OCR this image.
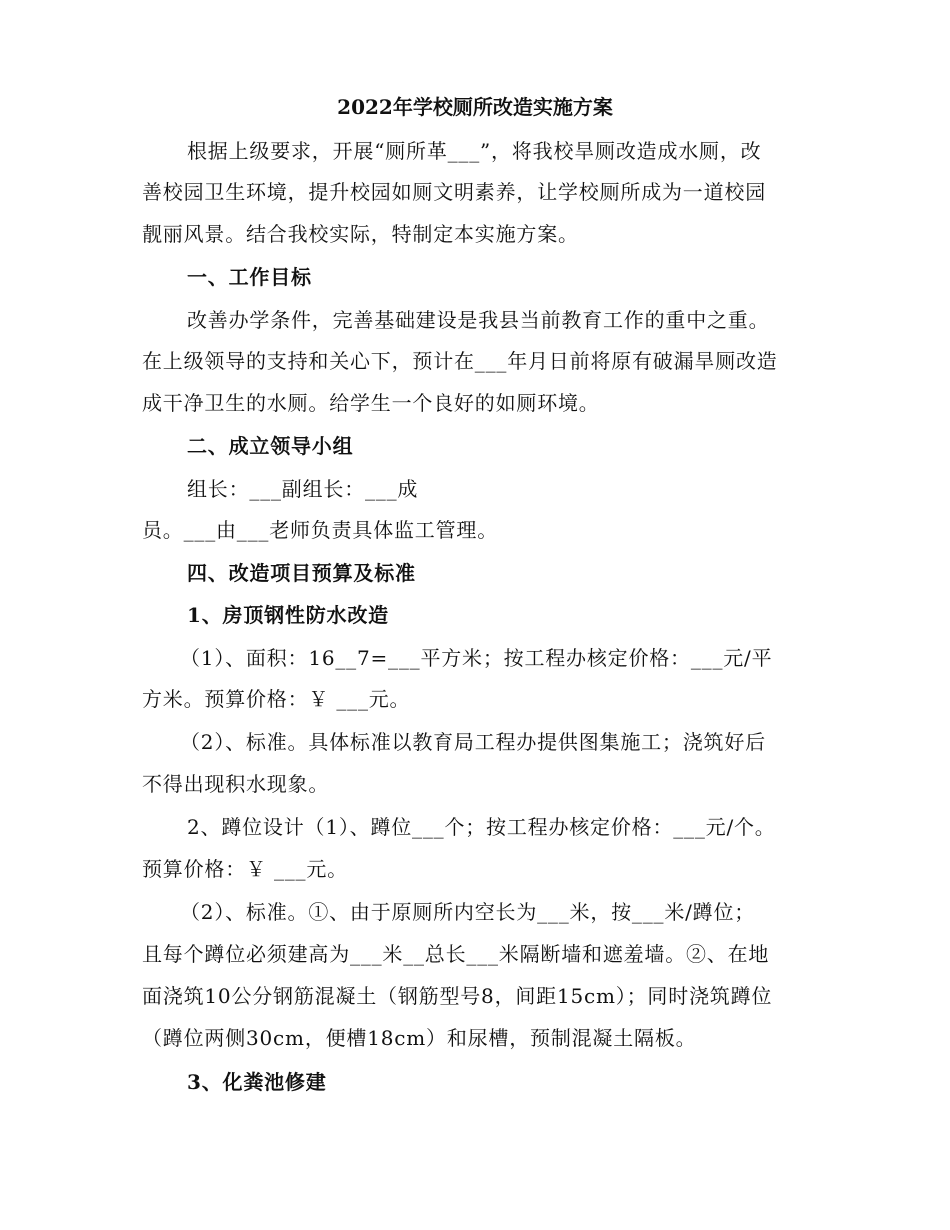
2022年学校厕所改造实施方案
根据上级要求，开展“厕所革___”，将我校旱厕改造成水厕，改
善校园卫生环境，提升校园如厕文明素养，让学校厕所成为一道校园
靓丽风景。结合我校实际，特制定本实施方案。
一、工作目标
改善办学条件，完善基础建设是我县当前教育工作的重中之重。
在上级领导的支持和关心下，预计在___年月日前将原有破漏旱厕改造
成干净卫生的水厕。给学生一个良好的如厕环境。
二、成立领导小组
组长：___副组长：___成
员。___由___老师负责具体监工管理。
四、改造项目预算及标准
1、房顶钢性防水改造
（1）、面积：16__7=___平方米；按工程办核定价格：___元/平
方米。预算价格：￥ ___元。
（2）、标准。具体标准以教育局工程办提供图集施工；浇筑好后
不得出现积水现象。
2、蹲位设计（1）、蹲位___个；按工程办核定价格：___元/个。
预算价格：￥ ___元。
（2）、标准。①、由于原厕所内空长为___米，按___米/蹲位；
且每个蹲位必须建高为___米__总长___米隔断墙和遮羞墙。②、在地
面浇筑10公分钢筋混凝土（钢筋型号8，间距15cm）；同时浇筑蹲位
（蹲位两侧30cm，便槽18cm）和尿槽，预制混凝土隔板。
3、化粪池修建
